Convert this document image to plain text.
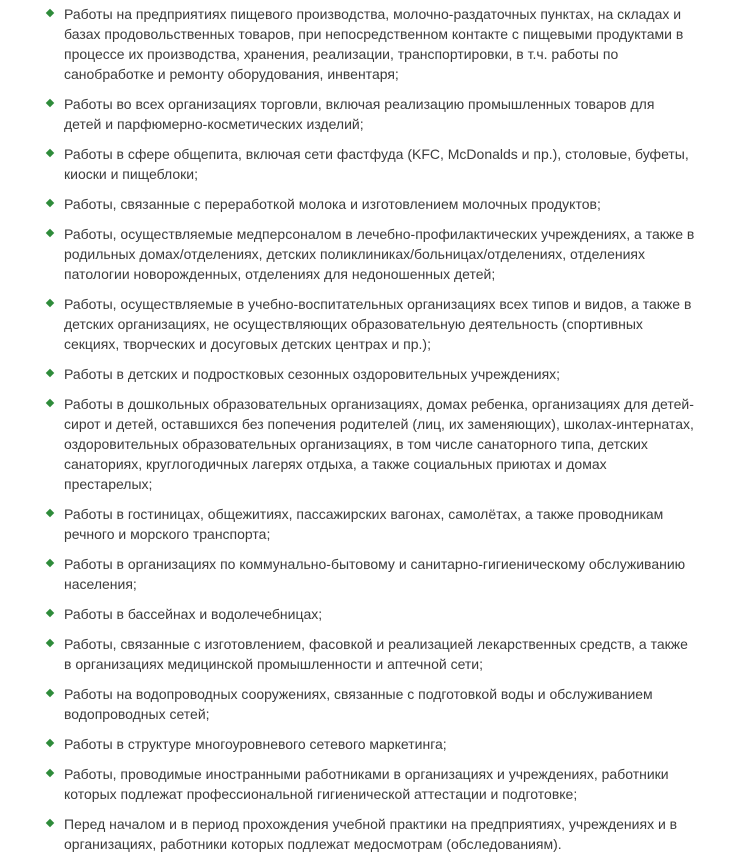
Работы на предприятиях пищевого производства, молочно-раздаточных пунктах, на складах и базах продовольственных товаров, при непосредственном контакте с пищевыми продуктами в процессе их производства, хранения, реализации, транспортировки, в т.ч. работы по санобработке и ремонту оборудования, инвентаря;
Работы во всех организациях торговли, включая реализацию промышленных товаров для детей и парфюмерно-косметических изделий;
Работы в сфере общепита, включая сети фастфуда (KFC, McDonalds и пр.), столовые, буфеты, киоски и пищеблоки;
Работы, связанные с переработкой молока и изготовлением молочных продуктов;
Работы, осуществляемые медперсоналом в лечебно-профилактических учреждениях, а также в родильных домах/отделениях, детских поликлиниках/больницах/отделениях, отделениях патологии новорожденных, отделениях для недоношенных детей;
Работы, осуществляемые в учебно-воспитательных организациях всех типов и видов, а также в детских организациях, не осуществляющих образовательную деятельность (спортивных секциях, творческих и досуговых детских центрах и пр.);
Работы в детских и подростковых сезонных оздоровительных учреждениях;
Работы в дошкольных образовательных организациях, домах ребенка, организациях для детей-сирот и детей, оставшихся без попечения родителей (лиц, их заменяющих), школах-интернатах, оздоровительных образовательных организациях, в том числе санаторного типа, детских санаториях, круглогодичных лагерях отдыха, а также социальных приютах и домах престарелых;
Работы в гостиницах, общежитиях, пассажирских вагонах, самолётах, а также проводникам речного и морского транспорта;
Работы в организациях по коммунально-бытовому и санитарно-гигиеническому обслуживанию населения;
Работы в бассейнах и водолечебницах;
Работы, связанные с изготовлением, фасовкой и реализацией лекарственных средств, а также в организациях медицинской промышленности и аптечной сети;
Работы на водопроводных сооружениях, связанные с подготовкой воды и обслуживанием водопроводных сетей;
Работы в структуре многоуровневого сетевого маркетинга;
Работы, проводимые иностранными работниками в организациях и учреждениях, работники которых подлежат профессиональной гигиенической аттестации и подготовке;
Перед началом и в период прохождения учебной практики на предприятиях, учреждениях и в организациях, работники которых подлежат медосмотрам (обследованиям).
